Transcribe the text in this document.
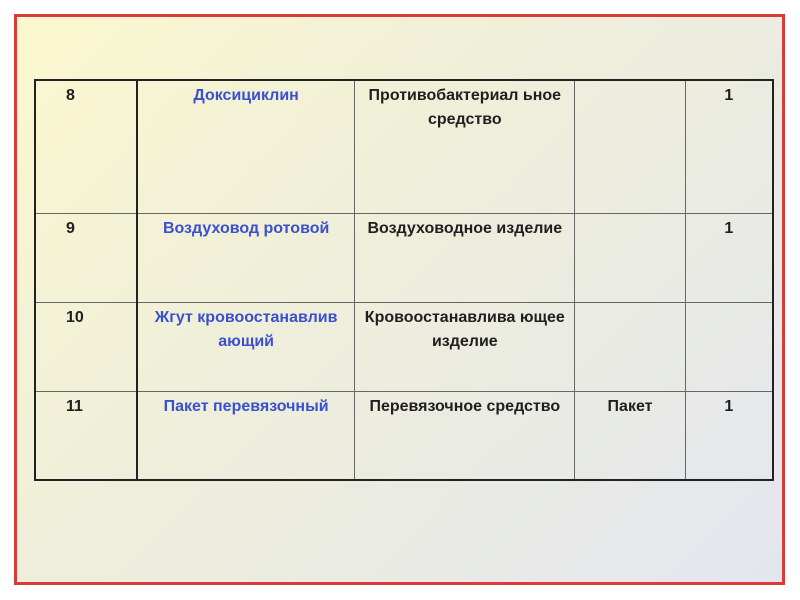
8	Доксициклин	Противобактериал ьное средство		1
9	Воздуховод ротовой	Воздуховодное изделие		1
10	Жгут кровоостанавлив ающий	Кровоостанавлива ющее изделие		
11	Пакет перевязочный	Перевязочное средство	Пакет	1
